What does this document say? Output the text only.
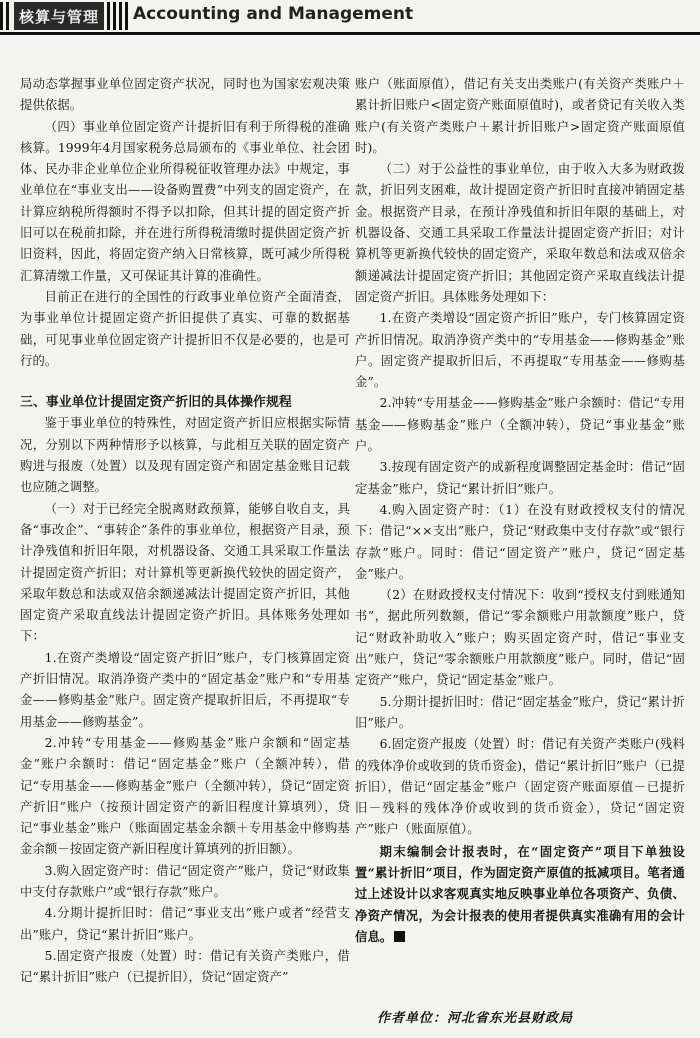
核算与管理 Accounting and Management

局动态掌握事业单位固定资产状况，同时也为国家宏观决策提供依据。

（四）事业单位固定资产计提折旧有利于所得税的准确核算。1999年4月国家税务总局颁布的《事业单位、社会团体、民办非企业单位企业所得税征收管理办法》中规定，事业单位在“事业支出——设备购置费”中列支的固定资产，在计算应纳税所得额时不得予以扣除，但其计提的固定资产折旧可以在税前扣除，并在进行所得税清缴时提供固定资产折旧资料，因此，将固定资产纳入日常核算，既可减少所得税汇算清缴工作量，又可保证其计算的准确性。

目前正在进行的全国性的行政事业单位资产全面清查，为事业单位计提固定资产折旧提供了真实、可靠的数据基础，可见事业单位固定资产计提折旧不仅是必要的，也是可行的。

三、事业单位计提固定资产折旧的具体操作规程

鉴于事业单位的特殊性，对固定资产折旧应根据实际情况，分别以下两种情形予以核算，与此相互关联的固定资产购进与报废（处置）以及现有固定资产和固定基金账目记载也应随之调整。

（一）对于已经完全脱离财政预算，能够自收自支，具备“事改企”、“事转企”条件的事业单位，根据资产目录，预计净残值和折旧年限，对机器设备、交通工具采取工作量法计提固定资产折旧；对计算机等更新换代较快的固定资产，采取年数总和法或双倍余额递减法计提固定资产折旧，其他固定资产采取直线法计提固定资产折旧。具体账务处理如下：

1.在资产类增设“固定资产折旧”账户，专门核算固定资产折旧情况。取消净资产类中的“固定基金”账户和“专用基金——修购基金”账户。固定资产提取折旧后，不再提取“专用基金——修购基金”。

2.冲转“专用基金——修购基金”账户余额和“固定基金”账户余额时：借记“固定基金”账户（全额冲转），借记“专用基金——修购基金”账户（全额冲转），贷记“固定资产折旧”账户（按预计固定资产的新旧程度计算填列），贷记“事业基金”账户（账面固定基金余额＋专用基金中修购基金余额－按固定资产新旧程度计算填列的折旧额）。

3.购入固定资产时：借记“固定资产”账户，贷记“财政集中支付存款账户”或“银行存款”账户。

4.分期计提折旧时：借记“事业支出”账户或者“经营支出”账户，贷记“累计折旧”账户。

5.固定资产报废（处置）时：借记有关资产类账户，借记“累计折旧”账户（已提折旧），贷记“固定资产”

账户（账面原值），借记有关支出类账户(有关资产类账户＋累计折旧账户<固定资产账面原值时)，或者贷记有关收入类账户(有关资产类账户＋累计折旧账户>固定资产账面原值时)。

（二）对于公益性的事业单位，由于收入大多为财政拨款，折旧列支困难，故计提固定资产折旧时直接冲销固定基金。根据资产目录，在预计净残值和折旧年限的基础上，对机器设备、交通工具采取工作量法计提固定资产折旧；对计算机等更新换代较快的固定资产，采取年数总和法或双倍余额递减法计提固定资产折旧；其他固定资产采取直线法计提固定资产折旧。具体账务处理如下：

1.在资产类增设“固定资产折旧”账户，专门核算固定资产折旧情况。取消净资产类中的“专用基金——修购基金”账户。固定资产提取折旧后，不再提取“专用基金——修购基金”。

2.冲转“专用基金——修购基金”账户余额时：借记“专用基金——修购基金”账户（全额冲转），贷记“事业基金”账户。

3.按现有固定资产的成新程度调整固定基金时：借记“固定基金”账户，贷记“累计折旧”账户。

4.购入固定资产时：（1）在没有财政授权支付的情况下：借记“××支出”账户，贷记“财政集中支付存款”或“银行存款”账户。同时：借记“固定资产”账户，贷记“固定基金”账户。

（2）在财政授权支付情况下：收到“授权支付到账通知书”，据此所列数额，借记“零余额账户用款额度”账户，贷记“财政补助收入”账户；购买固定资产时，借记“事业支出”账户，贷记“零余额账户用款额度”账户。同时，借记“固定资产”账户，贷记“固定基金”账户。

5.分期计提折旧时：借记“固定基金”账户，贷记“累计折旧”账户。

6.固定资产报废（处置）时：借记有关资产类账户(残料的残体净价或收到的货币资金)，借记“累计折旧”账户（已提折旧），借记“固定基金”账户（固定资产账面原值－已提折旧－残料的残体净价或收到的货币资金），贷记“固定资产”账户（账面原值）。

期末编制会计报表时，在“固定资产”项目下单独设置“累计折旧”项目，作为固定资产原值的抵减项目。笔者通过上述设计以求客观真实地反映事业单位各项资产、负债、净资产情况，为会计报表的使用者提供真实准确有用的会计信息。

作者单位：河北省东光县财政局
